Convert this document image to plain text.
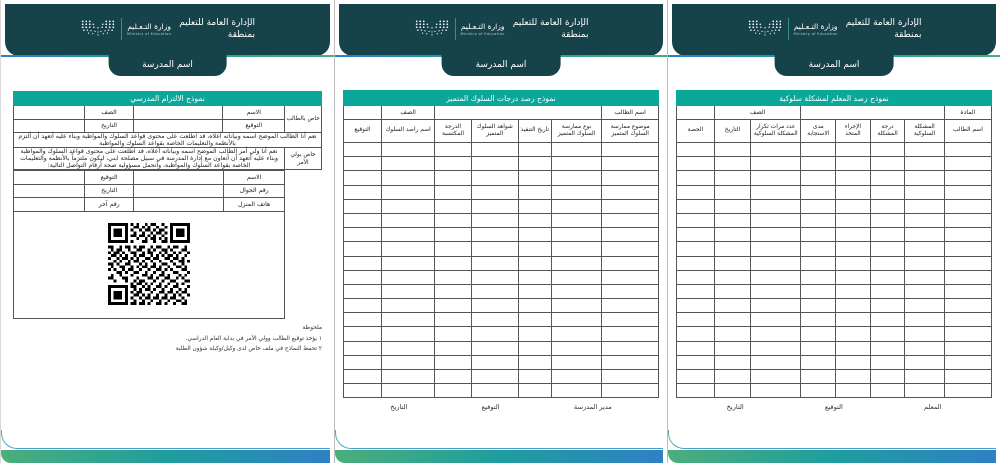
الإدارة العامة للتعليم
بمنطقة
وزارة التـعـليم
Ministry of Education
اسم المدرسة
نموذج رصد المعلم لمشكلة سلوكية							
المادة					الصف		
اسم الطالب	المشكلة السلوكية	درجة المشكلة	الإجراء المتخذ	مدى الاستجابة	عدد مرات تكرار المشكلة السلوكية	التاريخ	الحصة

المعلم
التوقيع
التاريخ
الإدارة العامة للتعليم
بمنطقة
وزارة التـعـليم
Ministry of Education
اسم المدرسة
نموذج رصد درجات السلوك المتميز						
اسم الطالب					الصف	
موضوع ممارسة السلوك المتميز	نوع ممارسة السلوك المتميز	تاريخ التنفيذ	شواهد السلوك المتميز	الدرجة المكتسبة	اسم راصد السلوك	التوقيع

مدير المدرسة
التوقيع
التاريخ
الإدارة العامة للتعليم
بمنطقة
وزارة التـعـليم
Ministry of Education
اسم المدرسة
نموذج الالتزام المدرسي				
خاص بالطالب	الاسم		الصف	
	التوقيع		التاريخ	
نعم أنا الطالب الموضح اسمه وبياناته أعلاه، قد اطلعت على محتوى قواعد السلوك والمواظبة وبناء عليه أتعهد أن ألتزم بالأنظمة والتعليمات الخاصة بقواعد السلوك والمواظبة				
خاص بولي الأمر	نعم أنا ولي أمر الطالب الموضح اسمه وبياناته أعلاه، قد اطلعت على محتوى قواعد السلوك والمواظبة وبناء عليه أتعهد أن أتعاون مع إدارة المدرسة في سبيل مصلحة ابني، ليكون ملتزماً بالأنظمة والتعليمات الخاصة بقواعد السلوك والمواظبة، وأتحمل مسؤولية صحة أرقام التواصل التالية:			
	الاسم		التوقيع	
	رقم الجوال		التاريخ	
	هاتف المنزل		رقم آخر	

ملحوظة
١ يؤخذ توقيع الطالب وولي الأمر في بداية العام الدراسي.
٢ تحفظ النماذج في ملف خاص لدى وكيل/وكيلة شؤون الطلبة
